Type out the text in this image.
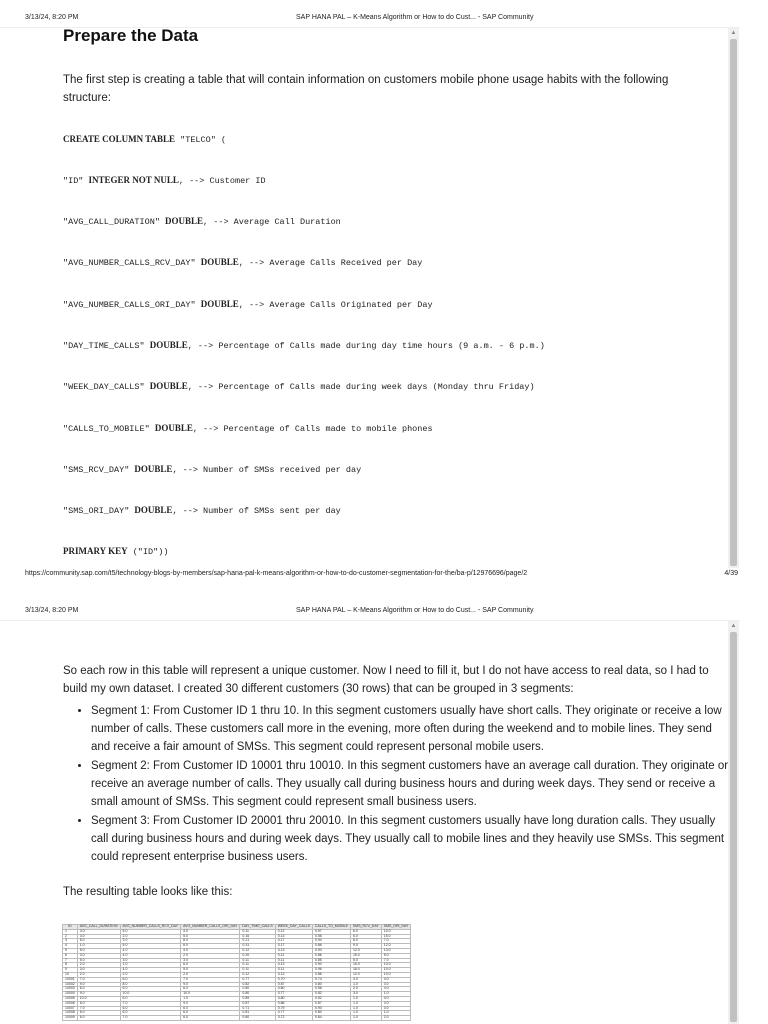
3/13/24, 8:20 PM	SAP HANA PAL – K-Means Algorithm or How to do Cust... - SAP Community
▲
Prepare the Data

The first step is creating a table that will contain information on customers mobile phone usage habits with the following structure:

CREATE COLUMN TABLE "TELCO" (
"ID" INTEGER NOT NULL, --> Customer ID
"AVG_CALL_DURATION" DOUBLE, --> Average Call Duration
"AVG_NUMBER_CALLS_RCV_DAY" DOUBLE, --> Average Calls Received per Day
"AVG_NUMBER_CALLS_ORI_DAY" DOUBLE, --> Average Calls Originated per Day
"DAY_TIME_CALLS" DOUBLE, --> Percentage of Calls made during day time hours (9 a.m. - 6 p.m.)
"WEEK_DAY_CALLS" DOUBLE, --> Percentage of Calls made during week days (Monday thru Friday)
"CALLS_TO_MOBILE" DOUBLE, --> Percentage of Calls made to mobile phones
"SMS_RCV_DAY" DOUBLE, --> Number of SMSs received per day
"SMS_ORI_DAY" DOUBLE, --> Number of SMSs sent per day
PRIMARY KEY ("ID"))
https://community.sap.com/t5/technology-blogs-by-members/sap-hana-pal-k-means-algorithm-or-how-to-do-customer-segmentation-for-the/ba-p/12976696/page/2	4/39
3/13/24, 8:20 PM	SAP HANA PAL – K-Means Algorithm or How to do Cust... - SAP Community
▲

So each row in this table will represent a unique customer. Now I need to fill it, but I do not have access to real data, so I had to build my own dataset. I created 30 different customers (30 rows) that can be grouped in 3 segments:

• Segment 1: From Customer ID 1 thru 10. In this segment customers usually have short calls. They originate or receive a low number of calls. These customers call more in the evening, more often during the weekend and to mobile lines. They send and receive a fair amount of SMSs. This segment could represent personal mobile users.
• Segment 2: From Customer ID 10001 thru 10010. In this segment customers have an average call duration. They originate or receive an average number of calls. They usually call during business hours and during week days. They send or receive a small amount of SMSs. This segment could represent small business users.
• Segment 3: From Customer ID 20001 thru 20010. In this segment customers usually have long duration calls. They usually call during business hours and during week days. They usually call to mobile lines and they heavily use SMSs. This segment could represent enterprise business users.

The resulting table looks like this:

ID	AVG_CALL_DURATION	AVG_NUMBER_CALLS_RCV_DAY	AVG_NUMBER_CALLS_ORI_DAY	DAY_TIME_CALLS	WEEK_DAY_CALLS	CALLS_TO_MOBILE	SMS_RCV_DAY	SMS_ORI_DAY
1	3.0	5.0	4.0	0.11	0.12	0.97	6.0	10.0
2	3.0	2.0	5.0	0.16	0.13	0.56	6.0	15.0
3	5.0	3.0	8.0	0.21	0.17	0.94	6.0	7.0
4	1.0	5.0	6.0	0.31	0.17	0.86	9.0	12.0
5	5.0	4.0	4.0	0.12	0.13	0.94	12.0	13.0
6	3.0	4.0	2.0	0.20	0.11	0.86	15.0	5.0
7	5.0	3.0	3.0	0.11	0.11	0.86	5.0	7.0
8	2.0	1.0	6.0	0.11	0.13	0.90	15.0	10.0
9	3.0	4.0	5.0	0.11	0.11	0.96	16.0	10.0
10	2.0	2.0	2.0	0.12	0.13	0.86	12.0	10.0
10001	7.0	6.0	7.0	0.77	0.70	0.74	4.0	4.0
10002	9.0	8.0	9.0	0.82	0.87	0.80	1.0	3.0
10003	6.0	6.0	6.0	0.80	0.80	0.56	2.0	4.0
10004	9.0	10.0	10.0	0.80	0.77	0.82	3.0	1.0
10005	10.0	6.0	1.0	0.89	0.80	0.52	1.0	4.0
10006	6.0	7.0	9.0	0.87	0.86	0.87	1.0	3.0
10007	7.0	6.0	6.0	0.71	0.79	0.90	1.0	3.0
10008	6.0	6.0	6.0	0.81	0.77	0.80	1.0	1.0
10009	6.0	7.0	6.0	0.80	0.72	0.84	1.0	2.0
